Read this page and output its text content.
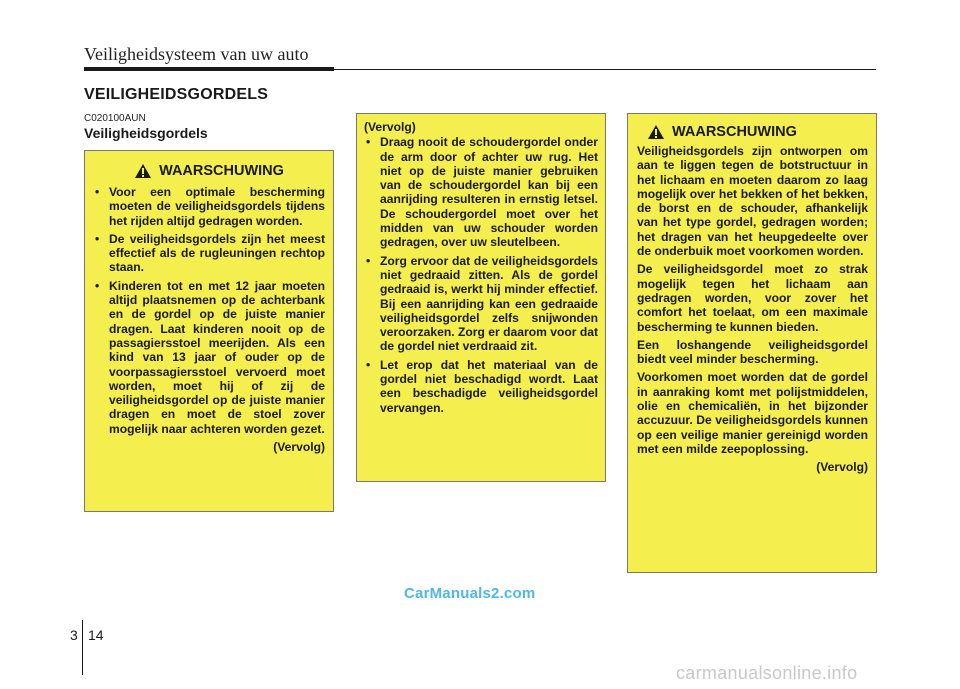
Veiligheidsysteem van uw auto
VEILIGHEIDSGORDELS
C020100AUN
Veiligheidsgordels
WAARSCHUWING
• Voor een optimale bescherming moeten de veiligheidsgordels tijdens het rijden altijd gedragen worden.
• De veiligheidsgordels zijn het meest effectief als de rugleuningen rechtop staan.
• Kinderen tot en met 12 jaar moeten altijd plaatsnemen op de achterbank en de gordel op de juiste manier dragen. Laat kinderen nooit op de passagiersstoel meerijden. Als een kind van 13 jaar of ouder op de voorpassagiersstoel vervoerd moet worden, moet hij of zij de veiligheidsgordel op de juiste manier dragen en moet de stoel zover mogelijk naar achteren worden gezet.
(Vervolg)
(Vervolg)
• Draag nooit de schoudergordel onder de arm door of achter uw rug. Het niet op de juiste manier gebruiken van de schoudergordel kan bij een aanrijding resulteren in ernstig letsel. De schoudergordel moet over het midden van uw schouder worden gedragen, over uw sleutelbeen.
• Zorg ervoor dat de veiligheidsgordels niet gedraaid zitten. Als de gordel gedraaid is, werkt hij minder effectief. Bij een aanrijding kan een gedraaide veiligheidsgordel zelfs snijwonden veroorzaken. Zorg er daarom voor dat de gordel niet verdraaid zit.
• Let erop dat het materiaal van de gordel niet beschadigd wordt. Laat een beschadigde veiligheidsgordel vervangen.
WAARSCHUWING
Veiligheidsgordels zijn ontworpen om aan te liggen tegen de botstructuur in het lichaam en moeten daarom zo laag mogelijk over het bekken of het bekken, de borst en de schouder, afhankelijk van het type gordel, gedragen worden; het dragen van het heupgedeelte over de onderbuik moet voorkomen worden.
De veiligheidsgordel moet zo strak mogelijk tegen het lichaam aan gedragen worden, voor zover het comfort het toelaat, om een maximale bescherming te kunnen bieden.
Een loshangende veiligheidsgordel biedt veel minder bescherming.
Voorkomen moet worden dat de gordel in aanraking komt met polijstmiddelen, olie en chemicaliën, in het bijzonder accuzuur. De veiligheidsgordels kunnen op een veilige manier gereinigd worden met een milde zeepoplossing.
(Vervolg)
CarManuals2.com
3 14
carmanualsonline.info
